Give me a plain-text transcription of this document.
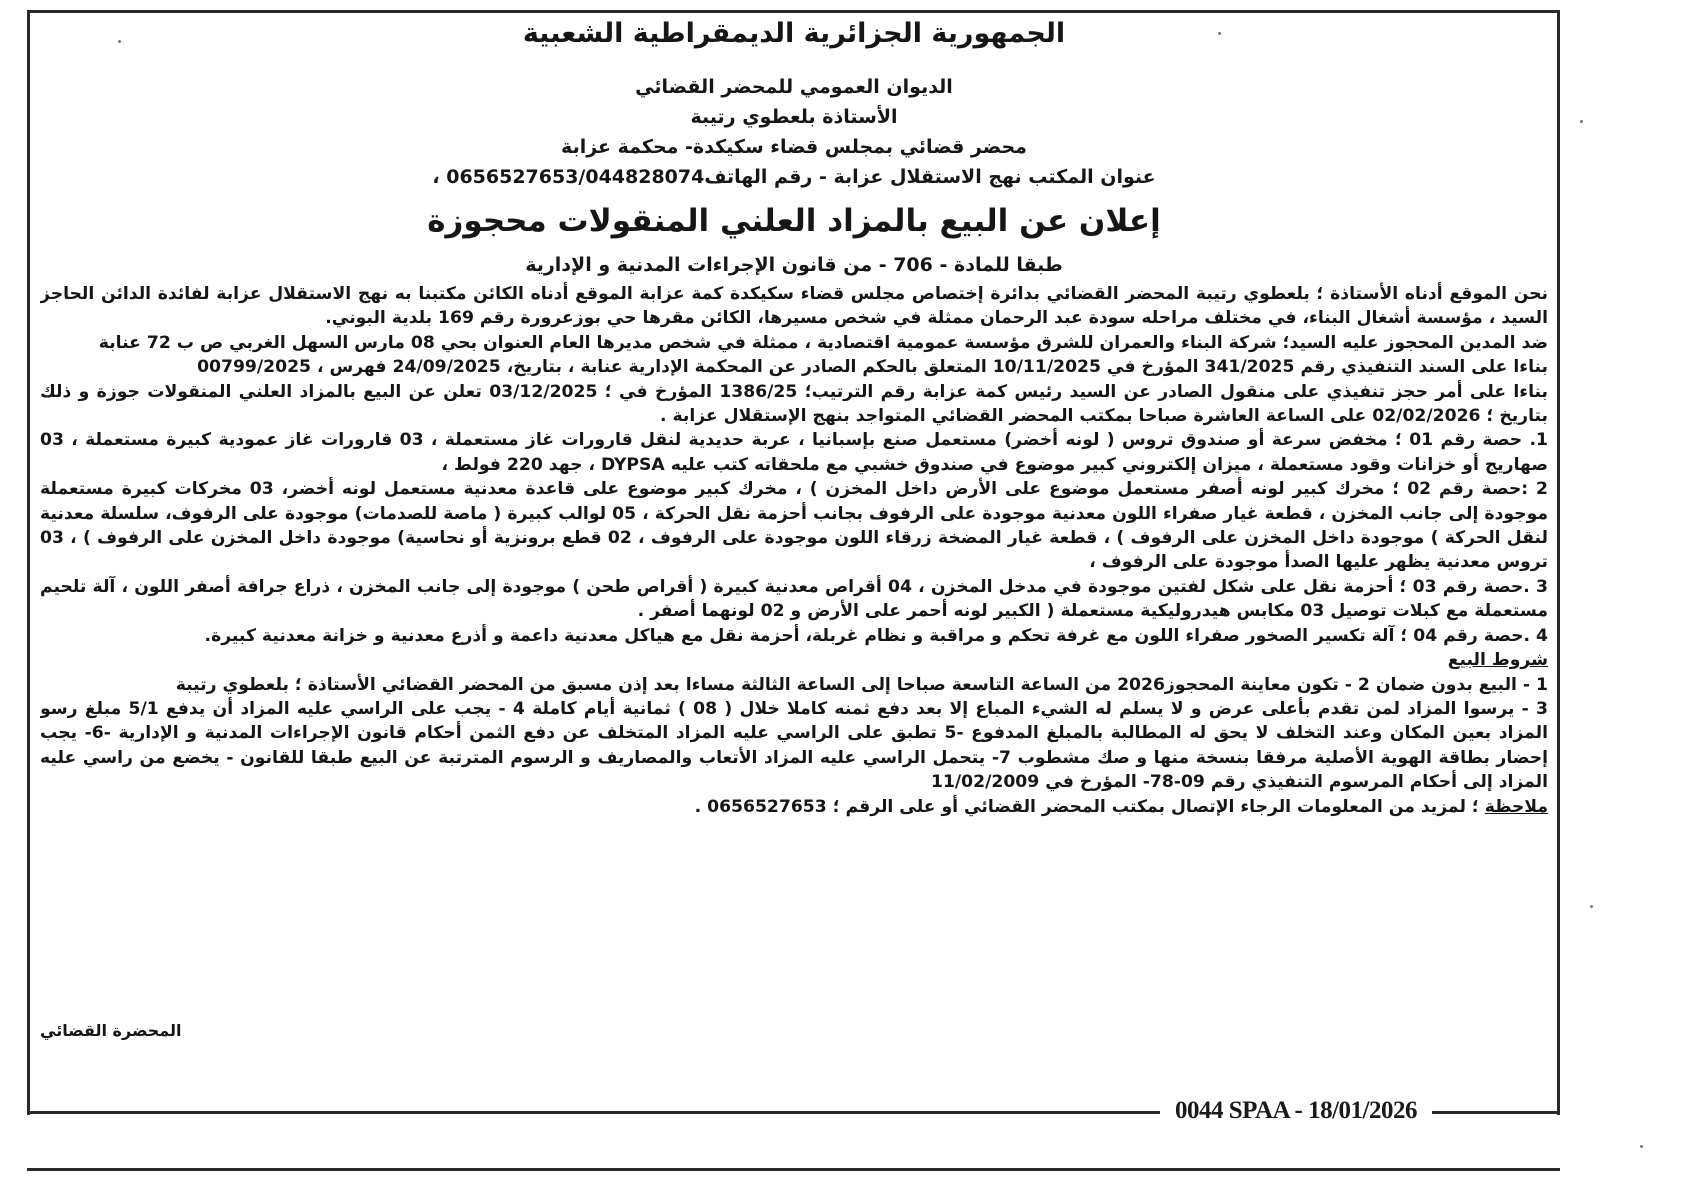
0044 SPAA - 18/01/2026
الجمهورية الجزائرية الديمقراطية الشعبية
الديوان العمومي للمحضر القضائي
الأستاذة بلعطوي رتيبة
محضر قضائي بمجلس قضاء سكيكدة- محكمة عزابة
عنوان المكتب نهج الاستقلال عزابة - رقم الهاتف0656527653/044828074 ،
إعلان عن البيع بالمزاد العلني المنقولات محجوزة
طبقا للمادة - 706 - من قانون الإجراءات المدنية و الإدارية

نحن الموقع أدناه الأستاذة ؛ بلعطوي رتيبة المحضر القضائي بدائرة إختصاص مجلس قضاء سكيكدة كمة عزابة الموقع أدناه الكائن مكتبنا به نهج الاستقلال عزابة لفائدة الدائن الحاجز السيد ، مؤسسة أشغال البناء، في مختلف مراحله سودة عبد الرحمان ممثلة في شخص مسيرها، الكائن مقرها حي بوزعرورة رقم 169 بلدية البوني.

ضد المدين المحجوز عليه السيد؛ شركة البناء والعمران للشرق مؤسسة عمومية اقتصادية ، ممثلة في شخص مديرها العام العنوان بحي 08 مارس السهل الغربي ص ب 72 عنابة

بناءا على السند التنفيذي رقم 341/2025 المؤرخ في 10/11/2025 المتعلق بالحكم الصادر عن المحكمة الإدارية عنابة ، بتاريخ، 24/09/2025 فهرس ، 00799/2025

بناءا على أمر حجز تنفيذي على منقول الصادر عن السيد رئيس كمة عزابة رقم الترتيب؛ 1386/25 المؤرخ في ؛ 03/12/2025 تعلن عن البيع بالمزاد العلني المنقولات جوزة و ذلك بتاريخ ؛ 02/02/2026 على الساعة العاشرة صباحا بمكتب المحضر القضائي المتواجد بنهج الإستقلال عزابة .

1. حصة رقم 01 ؛ مخفض سرعة أو صندوق تروس ( لونه أخضر) مستعمل صنع بإسبانيا ، عربة حديدية لنقل قارورات غاز مستعملة ، 03 قارورات غاز عمودية كبيرة مستعملة ، 03 صهاريج أو خزانات وقود مستعملة ، ميزان إلكتروني كبير موضوع في صندوق خشبي مع ملحقاته كتب عليه DYPSA ، جهد 220 فولط ،

2 :حصة رقم 02 ؛ مخرك كبير لونه أصفر مستعمل موضوع على الأرض داخل المخزن ) ، مخرك كبير موضوع على قاعدة معدنية مستعمل لونه أخضر، 03 مخركات كبيرة مستعملة موجودة إلى جانب المخزن ، قطعة غيار صفراء اللون معدنية موجودة على الرفوف بجانب أحزمة نقل الحركة ، 05 لوالب كبيرة ( ماصة للصدمات) موجودة على الرفوف، سلسلة معدنية لنقل الحركة ) موجودة داخل المخزن على الرفوف ) ، قطعة غيار المضخة زرقاء اللون موجودة على الرفوف ، 02 قطع برونزية أو نحاسية) موجودة داخل المخزن على الرفوف ) ، 03 تروس معدنية يظهر عليها الصدأ موجودة على الرفوف ،

3 .حصة رقم 03 ؛ أحزمة نقل على شكل لفتين موجودة في مدخل المخزن ، 04 أقراص معدنية كبيرة ( أقراص طحن ) موجودة إلى جانب المخزن ، ذراع جرافة أصفر اللون ، آلة تلحيم مستعملة مع كبلات توصيل 03 مكابس هيدروليكية مستعملة ( الكبير لونه أحمر على الأرض و 02 لونهما أصفر .

4 .حصة رقم 04 ؛ آلة تكسير الصخور صفراء اللون مع غرفة تحكم و مراقبة و نظام غربلة، أحزمة نقل مع هياكل معدنية داعمة و أذرع معدنية و خزانة معدنية كبيرة.

شروط البيع

1 - البيع بدون ضمان 2 - تكون معاينة المحجوز2026 من الساعة التاسعة صباحا إلى الساعة الثالثة مساءا بعد إذن مسبق من المحضر القضائي الأستاذة ؛ بلعطوي رتيبة

3 - يرسوا المزاد لمن تقدم بأعلى عرض و لا يسلم له الشيء المباع إلا بعد دفع ثمنه كاملا خلال ( 08 ) ثمانية أيام كاملة 4 - يجب على الراسي عليه المزاد أن يدفع 5/1 مبلغ رسو المزاد بعين المكان وعند التخلف لا يحق له المطالبة بالمبلغ المدفوع -5 تطبق على الراسي عليه المزاد المتخلف عن دفع الثمن أحكام قانون الإجراءات المدنية و الإدارية -6- يجب إحضار بطاقة الهوية الأصلية مرفقا بنسخة منها و صك مشطوب 7- يتحمل الراسي عليه المزاد الأتعاب والمصاريف و الرسوم المترتبة عن البيع طبقا للقانون - يخضع من راسي عليه المزاد إلى أحكام المرسوم التنفيذي رقم 09-78- المؤرخ في 11/02/2009

ملاحظة ؛ لمزيد من المعلومات الرجاء الإتصال بمكتب المحضر القضائي أو على الرقم ؛ 0656527653 .

المحضرة القضائي
